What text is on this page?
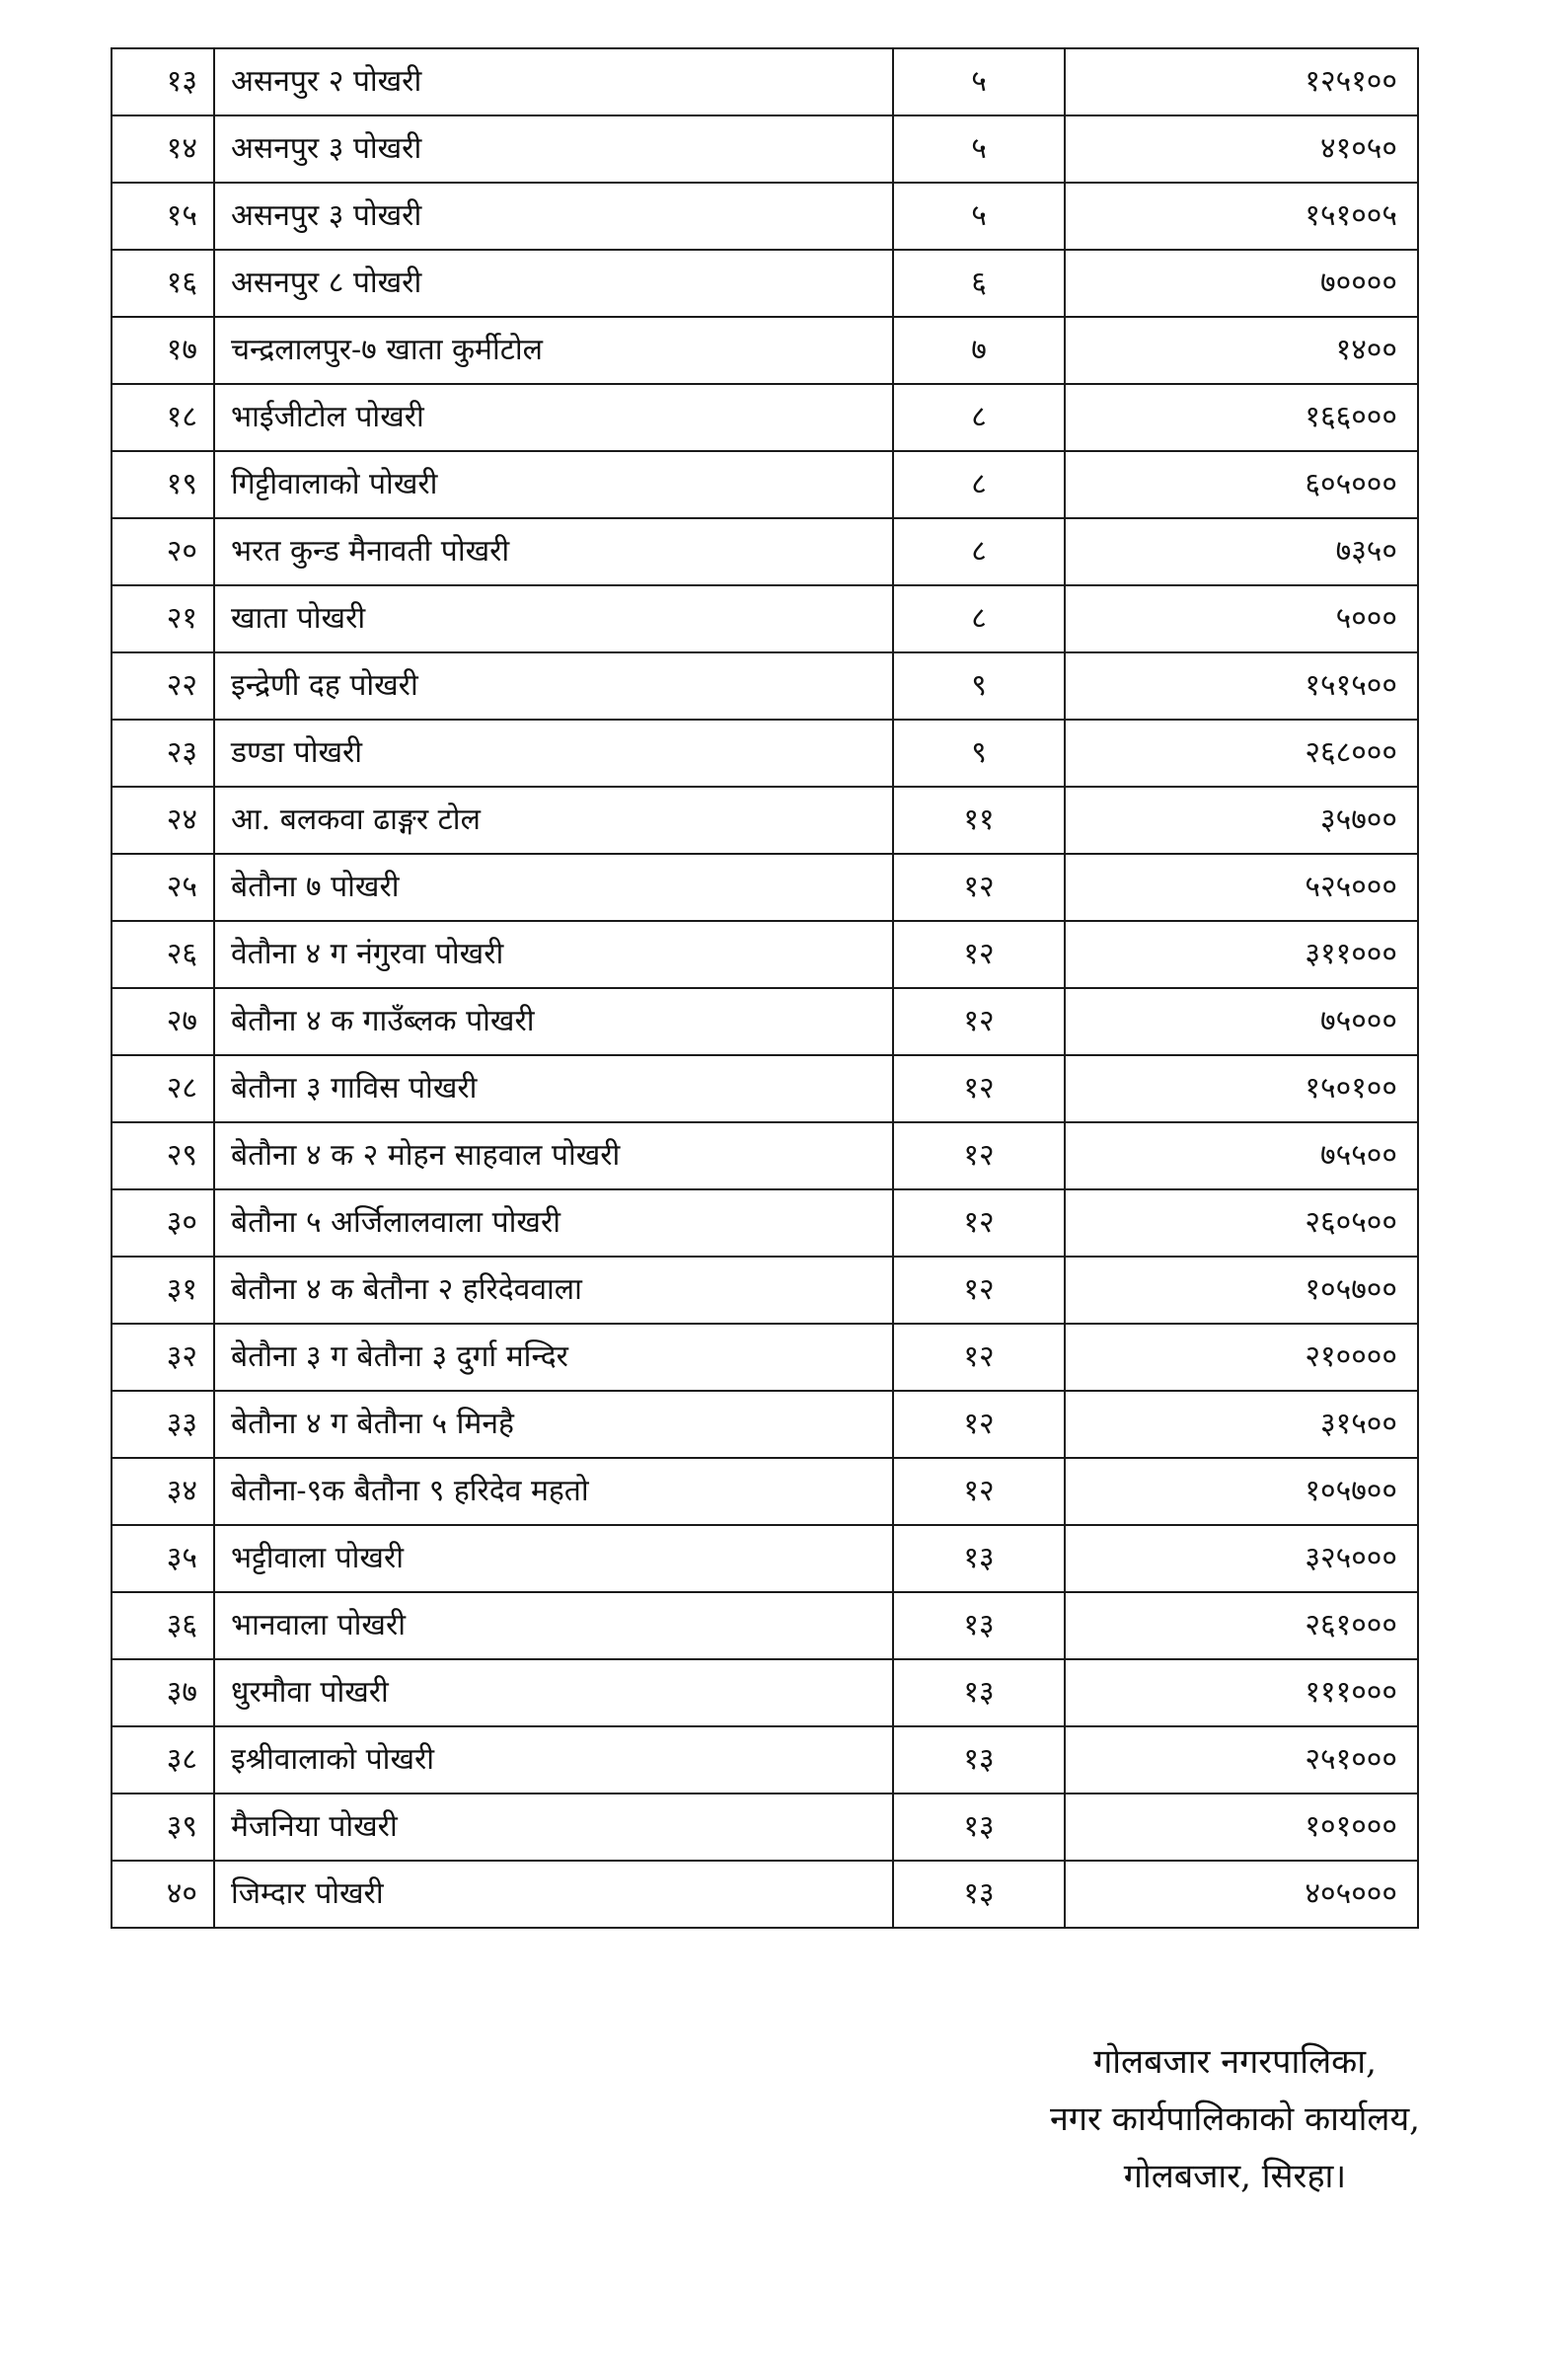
१३	असनपुर २ पोखरी	५	१२५१००
१४	असनपुर ३ पोखरी	५	४१०५०
१५	असनपुर ३ पोखरी	५	१५१००५
१६	असनपुर ८ पोखरी	६	७००००
१७	चन्द्रलालपुर-७ खाता कुर्मीटोल	७	१४००
१८	भाईजीटोल पोखरी	८	१६६०००
१९	गिट्टीवालाको पोखरी	८	६०५०००
२०	भरत कुन्ड मैनावती पोखरी	८	७३५०
२१	खाता पोखरी	८	५०००
२२	इन्द्रेणी दह पोखरी	९	१५१५००
२३	डण्डा पोखरी	९	२६८०००
२४	आ. बलकवा ढाङ्गर टोल	११	३५७००
२५	बेतौना ७ पोखरी	१२	५२५०००
२६	वेतौना ४ ग नंगुरवा पोखरी	१२	३११०००
२७	बेतौना ४ क गाउँब्लक पोखरी	१२	७५०००
२८	बेतौना ३ गाविस पोखरी	१२	१५०१००
२९	बेतौना ४ क २ मोहन साहवाल पोखरी	१२	७५५००
३०	बेतौना ५ अर्जिलालवाला पोखरी	१२	२६०५००
३१	बेतौना ४ क बेतौना २ हरिदेववाला	१२	१०५७००
३२	बेतौना ३ ग बेतौना ३ दुर्गा मन्दिर	१२	२१००००
३३	बेतौना ४ ग बेतौना ५ मिनहै	१२	३१५००
३४	बेतौना-९क बैतौना ९ हरिदेव महतो	१२	१०५७००
३५	भट्टीवाला पोखरी	१३	३२५०००
३६	भानवाला पोखरी	१३	२६१०००
३७	धुरमौवा पोखरी	१३	१११०००
३८	इश्रीवालाको पोखरी	१३	२५१०००
३९	मैजनिया पोखरी	१३	१०१०००
४०	जिम्दार पोखरी	१३	४०५०००
गोलबजार नगरपालिका,
नगर कार्यपालिकाको कार्यालय,
गोलबजार, सिरहा।
